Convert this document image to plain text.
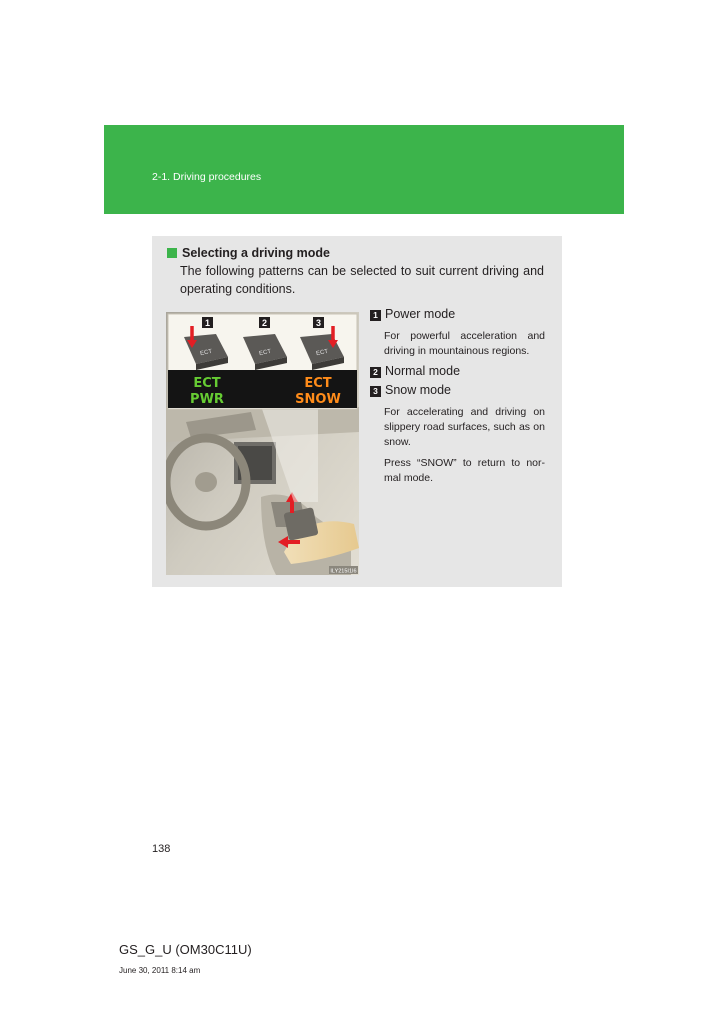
2-1. Driving procedures
Selecting a driving mode
The following patterns can be selected to suit current driving and operating conditions.
1	2	3
ECT	ECT	ECT
ECT
PWR
ECT
SNOW
ILY215I1I6

1 Power mode

For powerful acceleration and driving in mountainous regions.

2 Normal mode

3 Snow mode

For accelerating and driving on slippery road surfaces, such as on snow.

Press “SNOW” to return to nor-mal mode.

138
GS_G_U (OM30C11U)
June 30, 2011 8:14 am
